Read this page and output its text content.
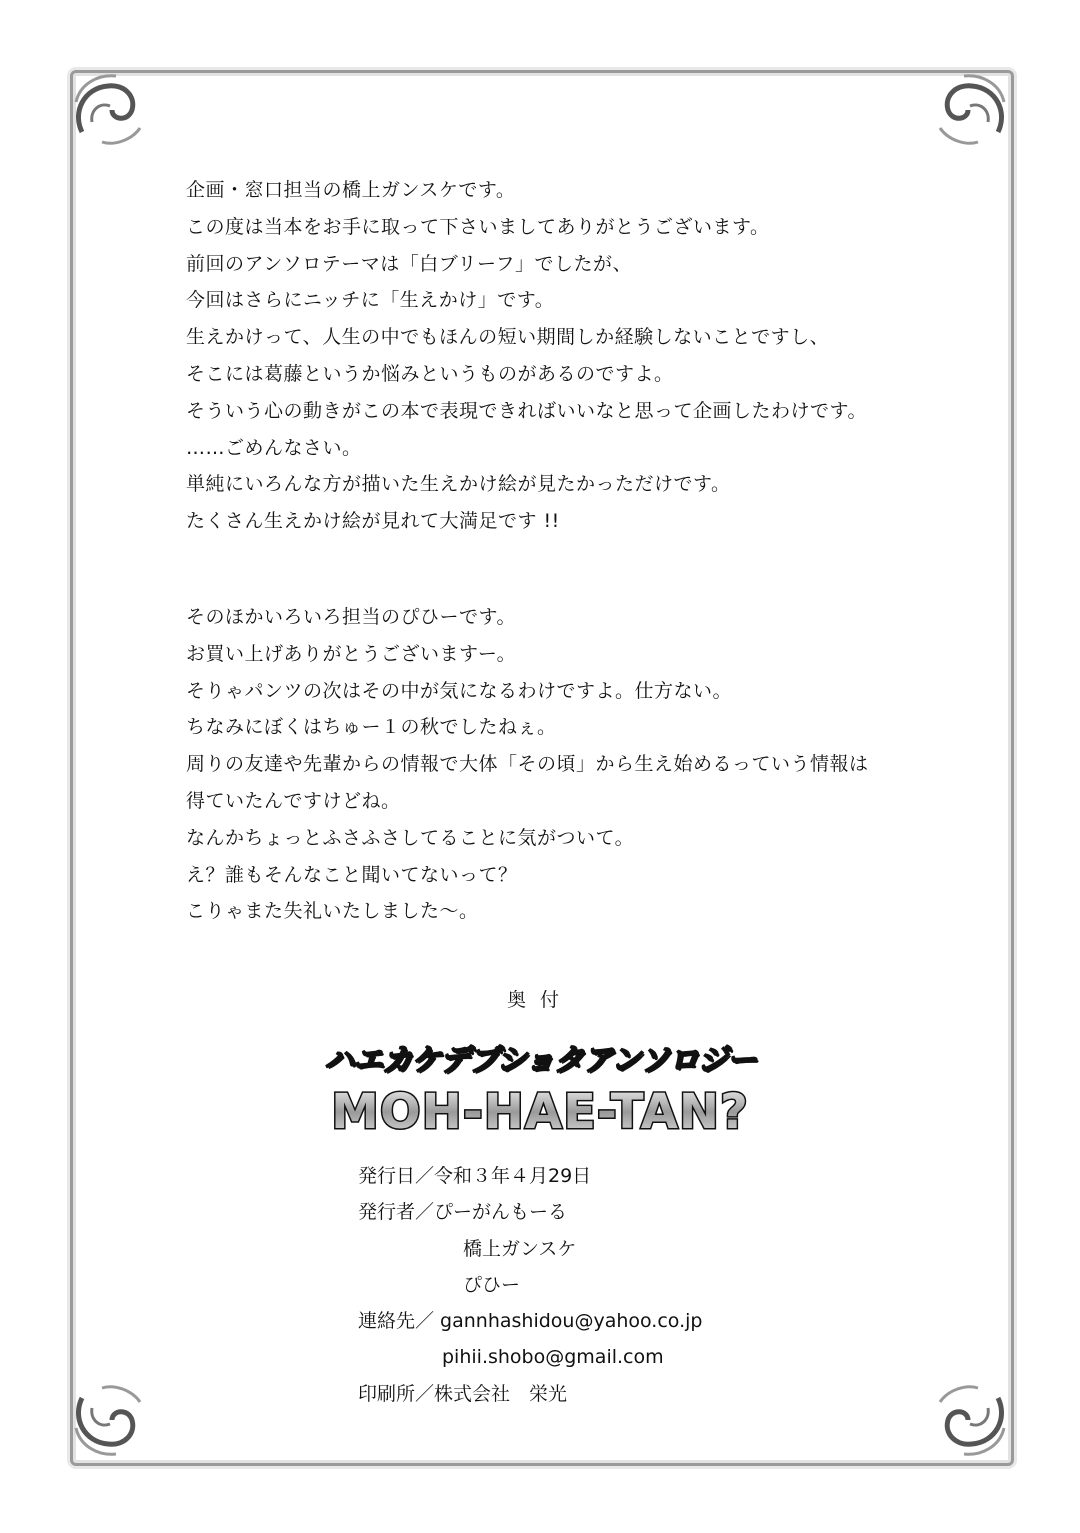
企画・窓口担当の橋上ガンスケです。
この度は当本をお手に取って下さいましてありがとうございます。
前回のアンソロテーマは「白ブリーフ」でしたが、
今回はさらにニッチに「生えかけ」です。
生えかけって、人生の中でもほんの短い期間しか経験しないことですし、
そこには葛藤というか悩みというものがあるのですよ。
そういう心の動きがこの本で表現できればいいなと思って企画したわけです。
……ごめんなさい。
単純にいろんな方が描いた生えかけ絵が見たかっただけです。
たくさん生えかけ絵が見れて大満足です !!
そのほかいろいろ担当のぴひーです。
お買い上げありがとうございますー。
そりゃパンツの次はその中が気になるわけですよ。仕方ない。
ちなみにぼくはちゅー１の秋でしたねぇ。
周りの友達や先輩からの情報で大体「その頃」から生え始めるっていう情報は
得ていたんですけどね。
なんかちょっとふさふさしてることに気がついて。
え？誰もそんなこと聞いてないって？
こりゃまた失礼いたしました～。
奥付
ハエカケデブショタアンソロジー
MOH-HAE-TAN?
発行日／令和３年４月29日
発行者／ぴーがんもーる
橋上ガンスケ
ぴひー
連絡先／ gannhashidou@yahoo.co.jp
pihii.shobo@gmail.com
印刷所／株式会社　栄光
